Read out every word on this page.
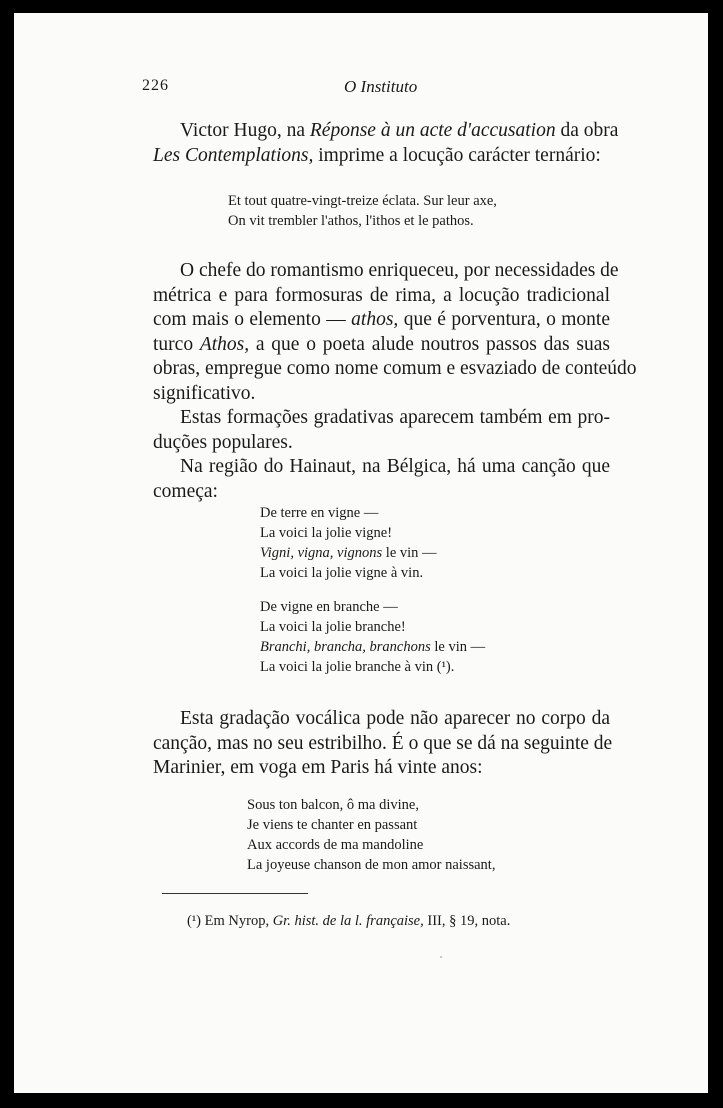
226	O Instituto
Victor Hugo, na Réponse à un acte d'accusation da obra
Les Contemplations, imprime a locução carácter ternário:
Et tout quatre-vingt-treize éclata. Sur leur axe,
On vit trembler l'athos, l'ithos et le pathos.
O chefe do romantismo enriqueceu, por necessidades de
métrica e para formosuras de rima, a locução tradicional
com mais o elemento — athos, que é porventura, o monte
turco Athos, a que o poeta alude noutros passos das suas
obras, empregue como nome comum e esvaziado de conteúdo
significativo.
Estas formações gradativas aparecem também em pro-
duções populares.
Na região do Hainaut, na Bélgica, há uma canção que
começa:
De terre en vigne —
La voici la jolie vigne!
Vigni, vigna, vignons le vin —
La voici la jolie vigne à vin.
De vigne en branche —
La voici la jolie branche!
Branchi, brancha, branchons le vin —
La voici la jolie branche à vin (¹).
Esta gradação vocálica pode não aparecer no corpo da
canção, mas no seu estribilho. É o que se dá na seguinte de
Marinier, em voga em Paris há vinte anos:
Sous ton balcon, ô ma divine,
Je viens te chanter en passant
Aux accords de ma mandoline
La joyeuse chanson de mon amor naissant,
(¹) Em Nyrop, Gr. hist. de la l. française, III, § 19, nota.
